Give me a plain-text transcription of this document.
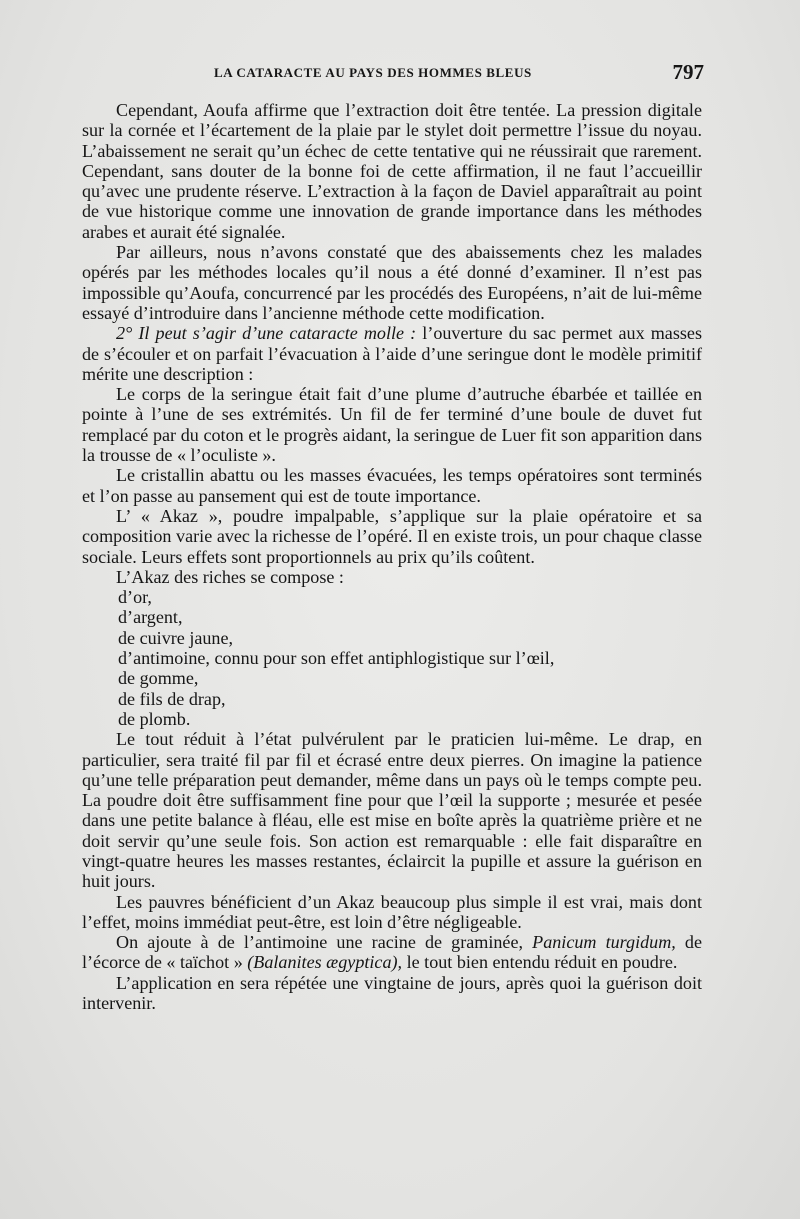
LA CATARACTE AU PAYS DES HOMMES BLEUS	797

Cependant, Aoufa affirme que l’extraction doit être tentée. La pression digitale sur la cornée et l’écartement de la plaie par le stylet doit permettre l’issue du noyau. L’abaissement ne serait qu’un échec de cette tentative qui ne réussirait que rarement. Cependant, sans douter de la bonne foi de cette affirmation, il ne faut l’accueillir qu’avec une prudente réserve. L’extraction à la façon de Daviel apparaîtrait au point de vue historique comme une innovation de grande importance dans les méthodes arabes et aurait été signalée.

Par ailleurs, nous n’avons constaté que des abaissements chez les malades opérés par les méthodes locales qu’il nous a été donné d’examiner. Il n’est pas impossible qu’Aoufa, concurrencé par les procédés des Européens, n’ait de lui-même essayé d’introduire dans l’ancienne méthode cette modification.

2° Il peut s’agir d’une cataracte molle : l’ouverture du sac permet aux masses de s’écouler et on parfait l’évacuation à l’aide d’une seringue dont le modèle primitif mérite une description :

Le corps de la seringue était fait d’une plume d’autruche ébarbée et taillée en pointe à l’une de ses extrémités. Un fil de fer terminé d’une boule de duvet fut remplacé par du coton et le progrès aidant, la seringue de Luer fit son apparition dans la trousse de « l’oculiste ».

Le cristallin abattu ou les masses évacuées, les temps opératoires sont terminés et l’on passe au pansement qui est de toute importance.

L’ « Akaz », poudre impalpable, s’applique sur la plaie opératoire et sa composition varie avec la richesse de l’opéré. Il en existe trois, un pour chaque classe sociale. Leurs effets sont proportionnels au prix qu’ils coûtent.

L’Akaz des riches se compose :

d’or,
d’argent,
de cuivre jaune,
d’antimoine, connu pour son effet antiphlogistique sur l’œil,
de gomme,
de fils de drap,
de plomb.

Le tout réduit à l’état pulvérulent par le praticien lui-même. Le drap, en particulier, sera traité fil par fil et écrasé entre deux pierres. On imagine la patience qu’une telle préparation peut demander, même dans un pays où le temps compte peu. La poudre doit être suffisamment fine pour que l’œil la supporte ; mesurée et pesée dans une petite balance à fléau, elle est mise en boîte après la quatrième prière et ne doit servir qu’une seule fois. Son action est remarquable : elle fait disparaître en vingt-quatre heures les masses restantes, éclaircit la pupille et assure la guérison en huit jours.

Les pauvres bénéficient d’un Akaz beaucoup plus simple il est vrai, mais dont l’effet, moins immédiat peut-être, est loin d’être négligeable.

On ajoute à de l’antimoine une racine de graminée, Panicum turgidum, de l’écorce de « taïchot » (Balanites ægyptica), le tout bien entendu réduit en poudre.

L’application en sera répétée une vingtaine de jours, après quoi la guérison doit intervenir.
